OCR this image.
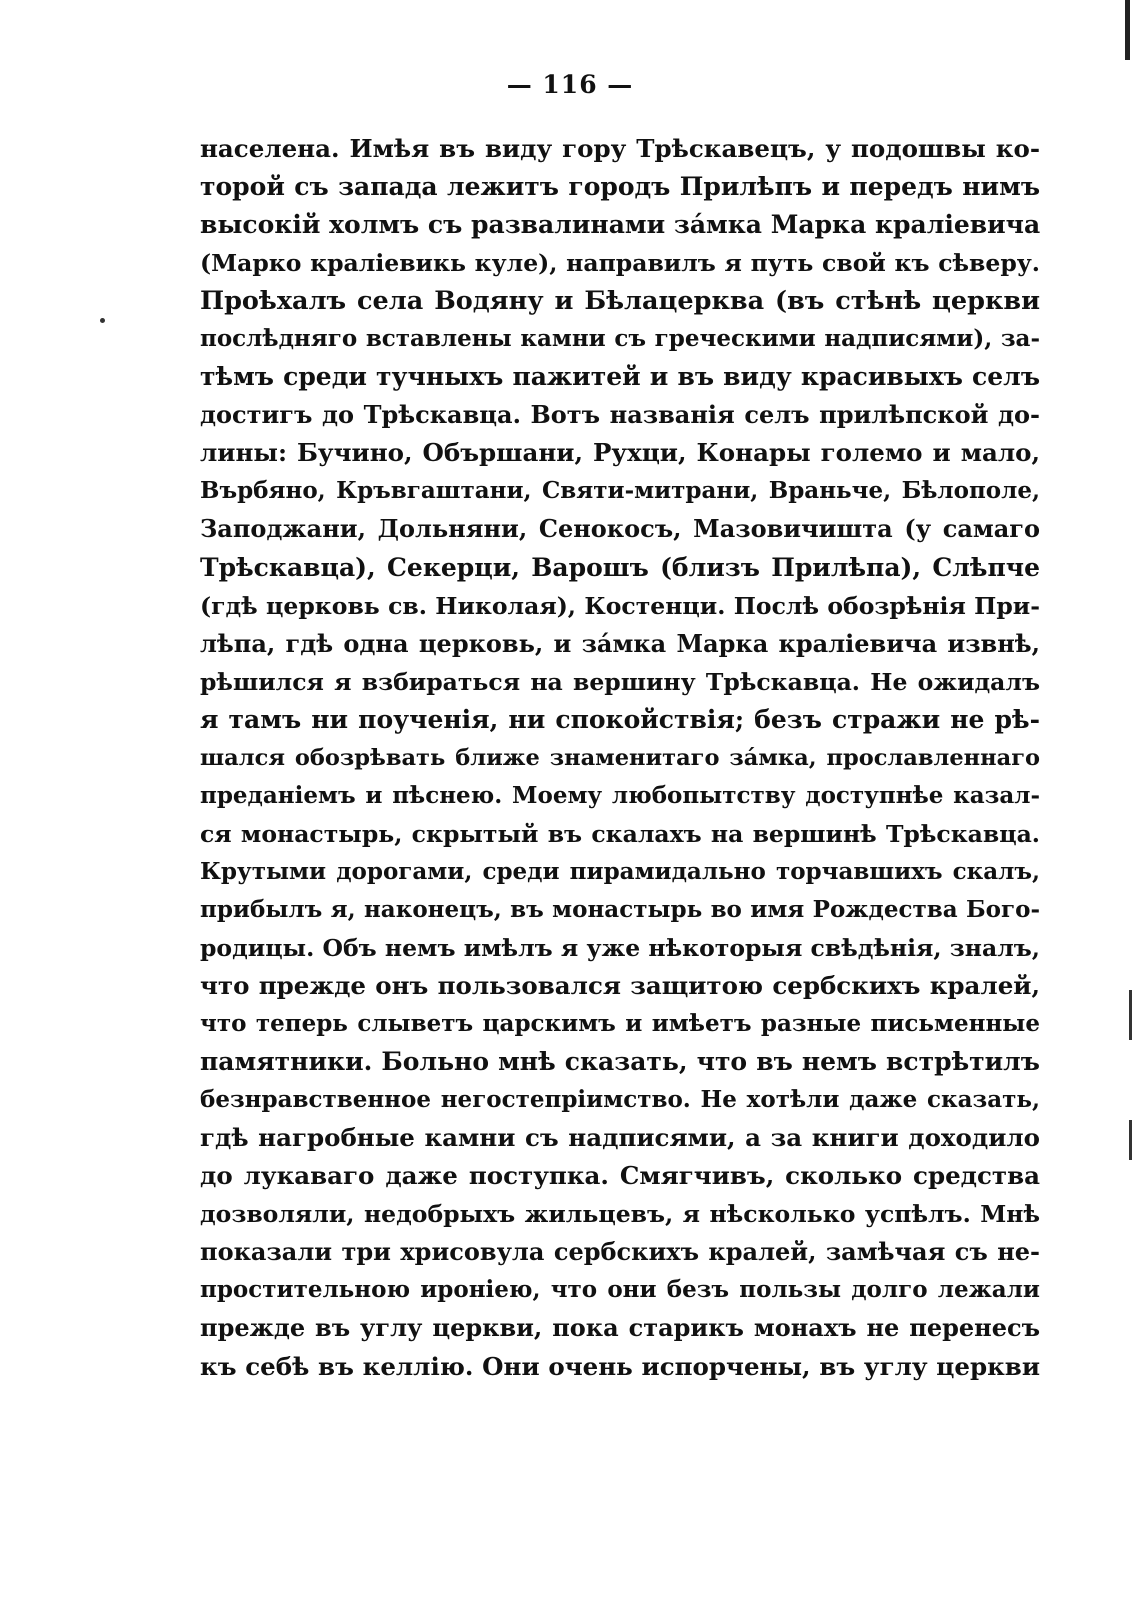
— 116 —
населена. Имѣя въ виду гору Трѣскавецъ, у подошвы ко-
торой съ запада лежитъ городъ Прилѣпъ и передъ нимъ
высокій холмъ съ развалинами зáмка Марка краліевича
(Марко краліевикь куле), направилъ я путь свой къ сѣверу.
Проѣхалъ села Водяну и Бѣлацерква (въ стѣнѣ церкви
послѣдняго вставлены камни съ греческими надписями), за-
тѣмъ среди тучныхъ пажитей и въ виду красивыхъ селъ
достигъ до Трѣскавца. Вотъ названія селъ прилѣпской до-
лины: Бучино, Обършани, Рухци, Конары големо и мало,
Върбяно, Кръвгаштани, Святи-митрани, Враньче, Бѣлополе,
Заподжани, Дольняни, Сенокосъ, Мазовичишта (у самаго
Трѣскавца), Секерци, Варошъ (близъ Прилѣпа), Слѣпче
(гдѣ церковь св. Николая), Костенци. Послѣ обозрѣнія При-
лѣпа, гдѣ одна церковь, и зáмка Марка краліевича извнѣ,
рѣшился я взбираться на вершину Трѣскавца. Не ожидалъ
я тамъ ни поученія, ни спокойствія; безъ стражи не рѣ-
шался обозрѣвать ближе знаменитаго зáмка, прославленнаго
преданіемъ и пѣснею. Моему любопытству доступнѣе казал-
ся монастырь, скрытый въ скалахъ на вершинѣ Трѣскавца.
Крутыми дорогами, среди пирамидально торчавшихъ скалъ,
прибылъ я, наконецъ, въ монастырь во имя Рождества Бого-
родицы. Объ немъ имѣлъ я уже нѣкоторыя свѣдѣнія, зналъ,
что прежде онъ пользовался защитою сербскихъ кралей,
что теперь слыветъ царскимъ и имѣетъ разные письменные
памятники. Больно мнѣ сказать, что въ немъ встрѣтилъ
безнравственное негостепріимство. Не хотѣли даже сказать,
гдѣ нагробные камни съ надписями, а за книги доходило
до лукаваго даже поступка. Смягчивъ, сколько средства
дозволяли, недобрыхъ жильцевъ, я нѣсколько успѣлъ. Мнѣ
показали три хрисовула сербскихъ кралей, замѣчая съ не-
простительною ироніею, что они безъ пользы долго лежали
прежде въ углу церкви, пока старикъ монахъ не перенесъ
къ себѣ въ келлію. Они очень испорчены, въ углу церкви
